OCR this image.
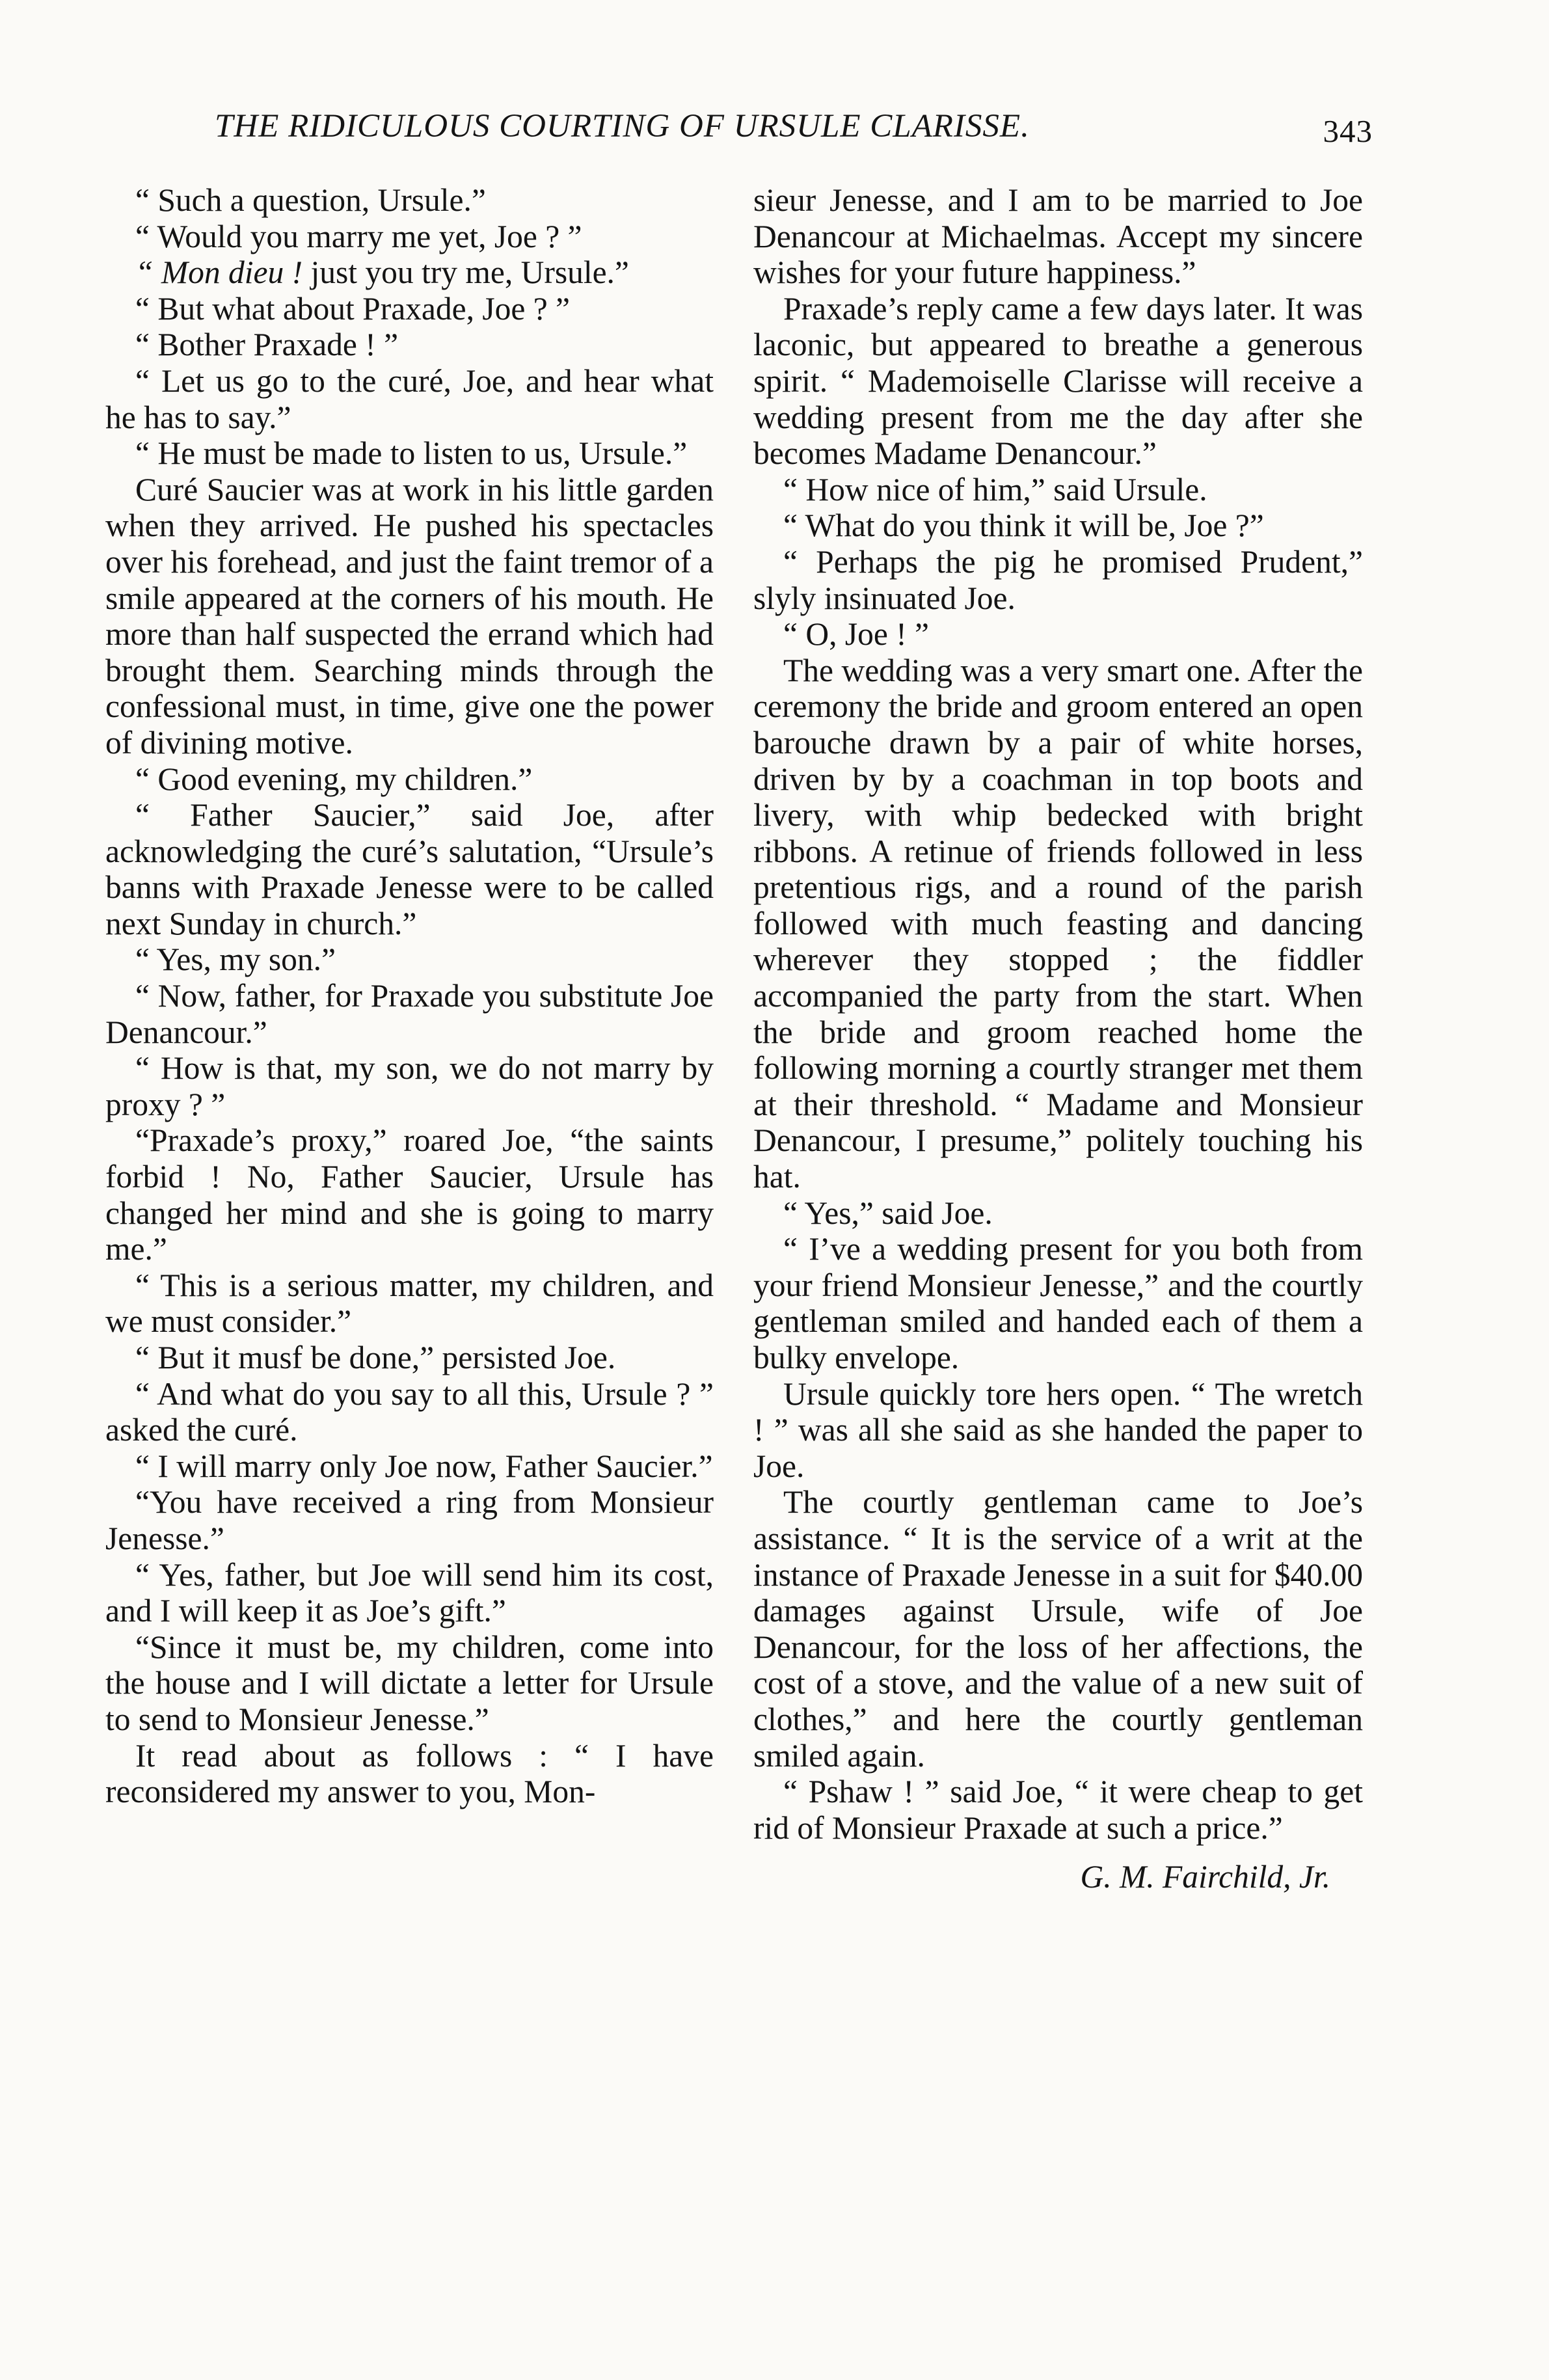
THE RIDICULOUS COURTING OF URSULE CLARISSE.	343

“ Such a question, Ursule.”

“ Would you marry me yet, Joe ? ”

“ Mon dieu ! just you try me, Ursule.”

“ But what about Praxade, Joe ? ”

“ Bother Praxade ! ”

“ Let us go to the curé, Joe, and hear what he has to say.”

“ He must be made to listen to us, Ursule.”

Curé Saucier was at work in his little garden when they arrived. He pushed his spectacles over his forehead, and just the faint tremor of a smile appeared at the corners of his mouth. He more than half suspected the errand which had brought them. Searching minds through the confessional must, in time, give one the power of divining motive.

“ Good evening, my children.”

“ Father Saucier,” said Joe, after acknowledging the curé’s salutation, “Ursule’s banns with Praxade Jenesse were to be called next Sunday in church.”

“ Yes, my son.”

“ Now, father, for Praxade you substitute Joe Denancour.”

“ How is that, my son, we do not marry by proxy ? ”

“Praxade’s proxy,” roared Joe, “the saints forbid ! No, Father Saucier, Ursule has changed her mind and she is going to marry me.”

“ This is a serious matter, my children, and we must consider.”

“ But it musf be done,” persisted Joe.

“ And what do you say to all this, Ursule ? ” asked the curé.

“ I will marry only Joe now, Father Saucier.”

“You have received a ring from Monsieur Jenesse.”

“ Yes, father, but Joe will send him its cost, and I will keep it as Joe’s gift.”

“Since it must be, my children, come into the house and I will dictate a letter for Ursule to send to Monsieur Jenesse.”

It read about as follows : “ I have reconsidered my answer to you, Mon-

sieur Jenesse, and I am to be married to Joe Denancour at Michaelmas. Accept my sincere wishes for your future happiness.”

Praxade’s reply came a few days later. It was laconic, but appeared to breathe a generous spirit. “ Mademoiselle Clarisse will receive a wedding present from me the day after she becomes Madame Denancour.”

“ How nice of him,” said Ursule.

“ What do you think it will be, Joe ?”

“ Perhaps the pig he promised Prudent,” slyly insinuated Joe.

“ O, Joe ! ”

The wedding was a very smart one. After the ceremony the bride and groom entered an open barouche drawn by a pair of white horses, driven by by a coachman in top boots and livery, with whip bedecked with bright ribbons. A retinue of friends followed in less pretentious rigs, and a round of the parish followed with much feasting and dancing wherever they stopped ; the fiddler accompanied the party from the start. When the bride and groom reached home the following morning a courtly stranger met them at their threshold. “ Madame and Monsieur Denancour, I presume,” politely touching his hat.

“ Yes,” said Joe.

“ I’ve a wedding present for you both from your friend Monsieur Jenesse,” and the courtly gentleman smiled and handed each of them a bulky envelope.

Ursule quickly tore hers open. “ The wretch ! ” was all she said as she handed the paper to Joe.

The courtly gentleman came to Joe’s assistance. “ It is the service of a writ at the instance of Praxade Jenesse in a suit for $40.00 damages against Ursule, wife of Joe Denancour, for the loss of her affections, the cost of a stove, and the value of a new suit of clothes,” and here the courtly gentleman smiled again.

“ Pshaw ! ” said Joe, “ it were cheap to get rid of Monsieur Praxade at such a price.”

G. M. Fairchild, Jr.
